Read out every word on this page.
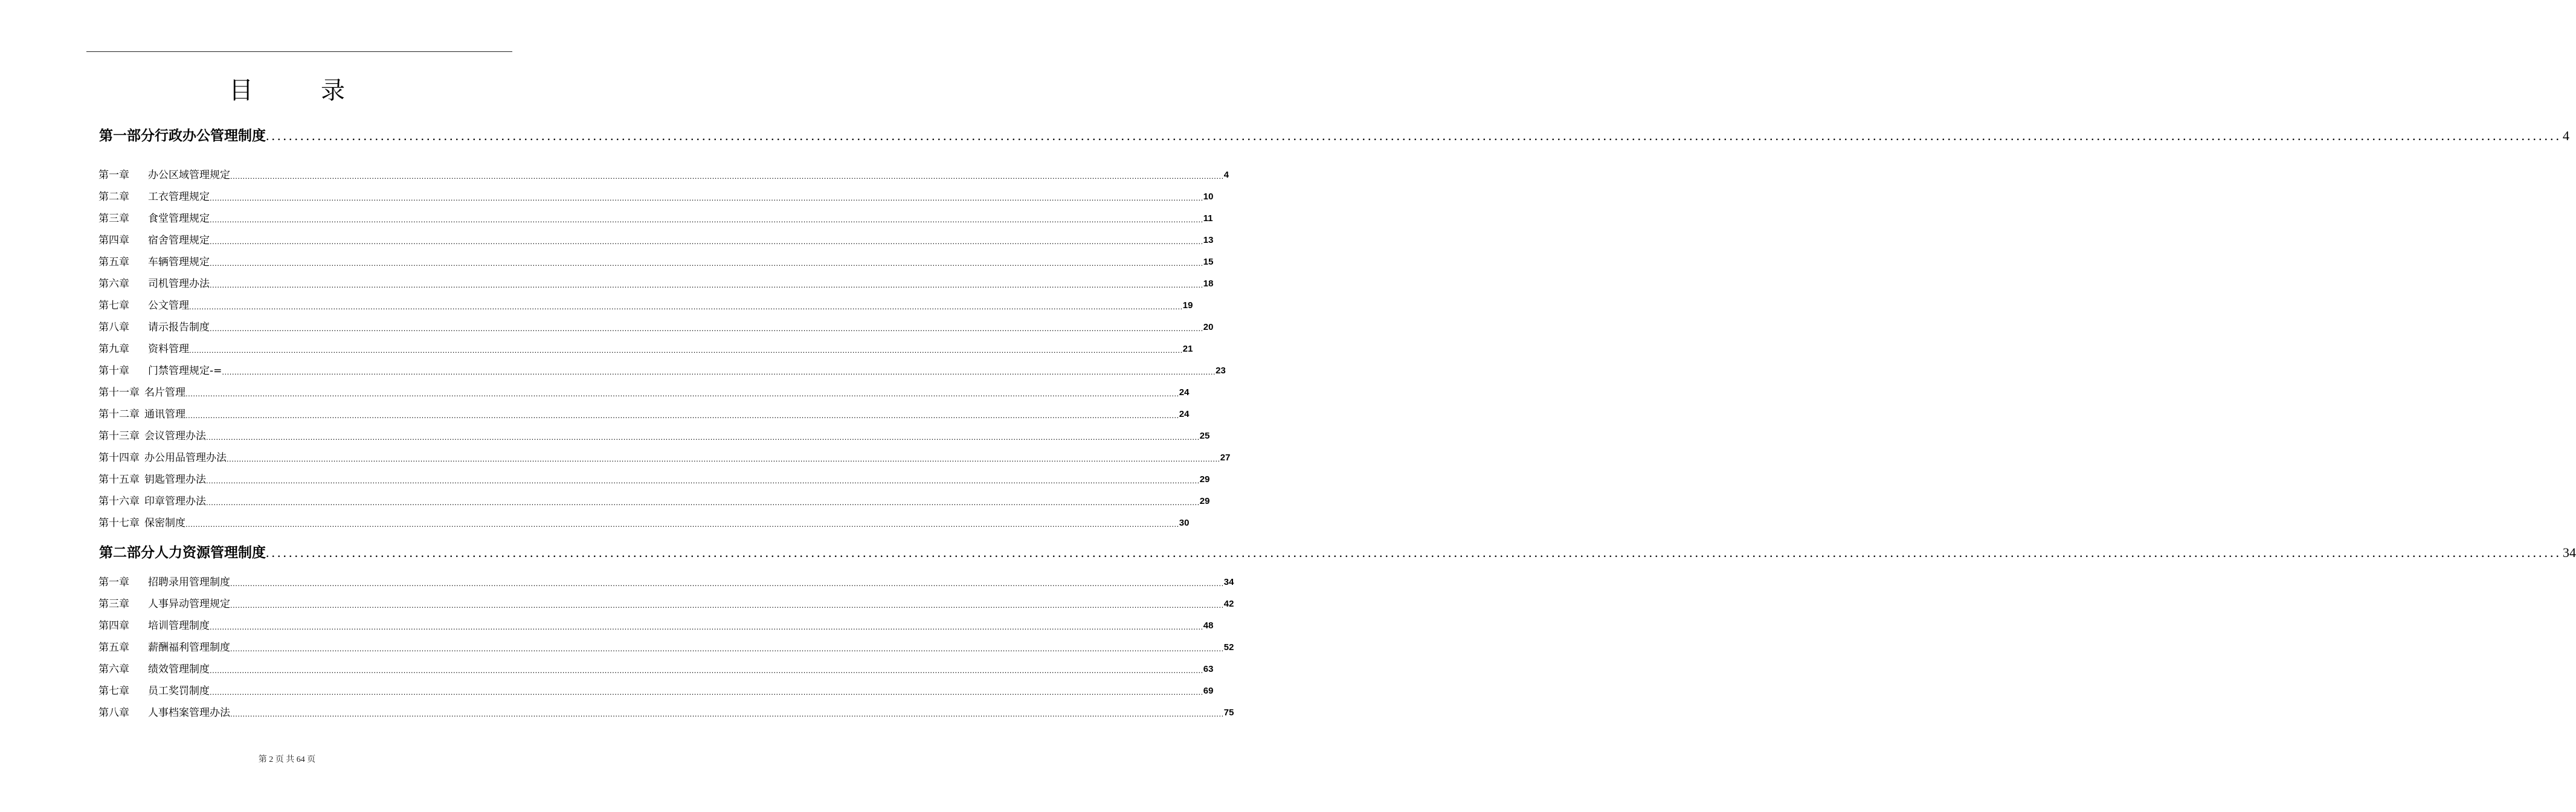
目　录
第一部分 行政办公管理制度 ................................................................................................................................................................................................................................................................................................................................................................................................................ 4
第一章	办公区域管理规定 ................................................................................................................................................................................................................................................................................................................................................................................................................ 4
第二章	工衣管理规定 ................................................................................................................................................................................................................................................................................................................................................................................................................ 10
第三章	食堂管理规定 ................................................................................................................................................................................................................................................................................................................................................................................................................ 11
第四章	宿舍管理规定 ................................................................................................................................................................................................................................................................................................................................................................................................................ 13
第五章	车辆管理规定 ................................................................................................................................................................................................................................................................................................................................................................................................................ 15
第六章	司机管理办法 ................................................................................................................................................................................................................................................................................................................................................................................................................ 18
第七章	公文管理 ................................................................................................................................................................................................................................................................................................................................................................................................................ 19
第八章	请示报告制度 ................................................................................................................................................................................................................................................................................................................................................................................................................ 20
第九章	资料管理 ................................................................................................................................................................................................................................................................................................................................................................................................................ 21
第十章	门禁管理规定-= ................................................................................................................................................................................................................................................................................................................................................................................................................ 23
第十一章 名片管理 ................................................................................................................................................................................................................................................................................................................................................................................................................ 24
第十二章 通讯管理 ................................................................................................................................................................................................................................................................................................................................................................................................................ 24
第十三章 会议管理办法 ................................................................................................................................................................................................................................................................................................................................................................................................................ 25
第十四章 办公用品管理办法 ................................................................................................................................................................................................................................................................................................................................................................................................................ 27
第十五章 钥匙管理办法 ................................................................................................................................................................................................................................................................................................................................................................................................................ 29
第十六章 印章管理办法 ................................................................................................................................................................................................................................................................................................................................................................................................................ 29
第十七章 保密制度 ................................................................................................................................................................................................................................................................................................................................................................................................................ 30
第二部分 人力资源管理制度 ................................................................................................................................................................................................................................................................................................................................................................................................................ 34
第一章	招聘录用管理制度 ................................................................................................................................................................................................................................................................................................................................................................................................................ 34
第三章	人事异动管理规定 ................................................................................................................................................................................................................................................................................................................................................................................................................ 42
第四章	培训管理制度 ................................................................................................................................................................................................................................................................................................................................................................................................................ 48
第五章	薪酬福利管理制度 ................................................................................................................................................................................................................................................................................................................................................................................................................ 52
第六章	绩效管理制度 ................................................................................................................................................................................................................................................................................................................................................................................................................ 63
第七章	员工奖罚制度 ................................................................................................................................................................................................................................................................................................................................................................................................................ 69
第八章	人事档案管理办法 ................................................................................................................................................................................................................................................................................................................................................................................................................ 75
第 2 页 共 64 页
